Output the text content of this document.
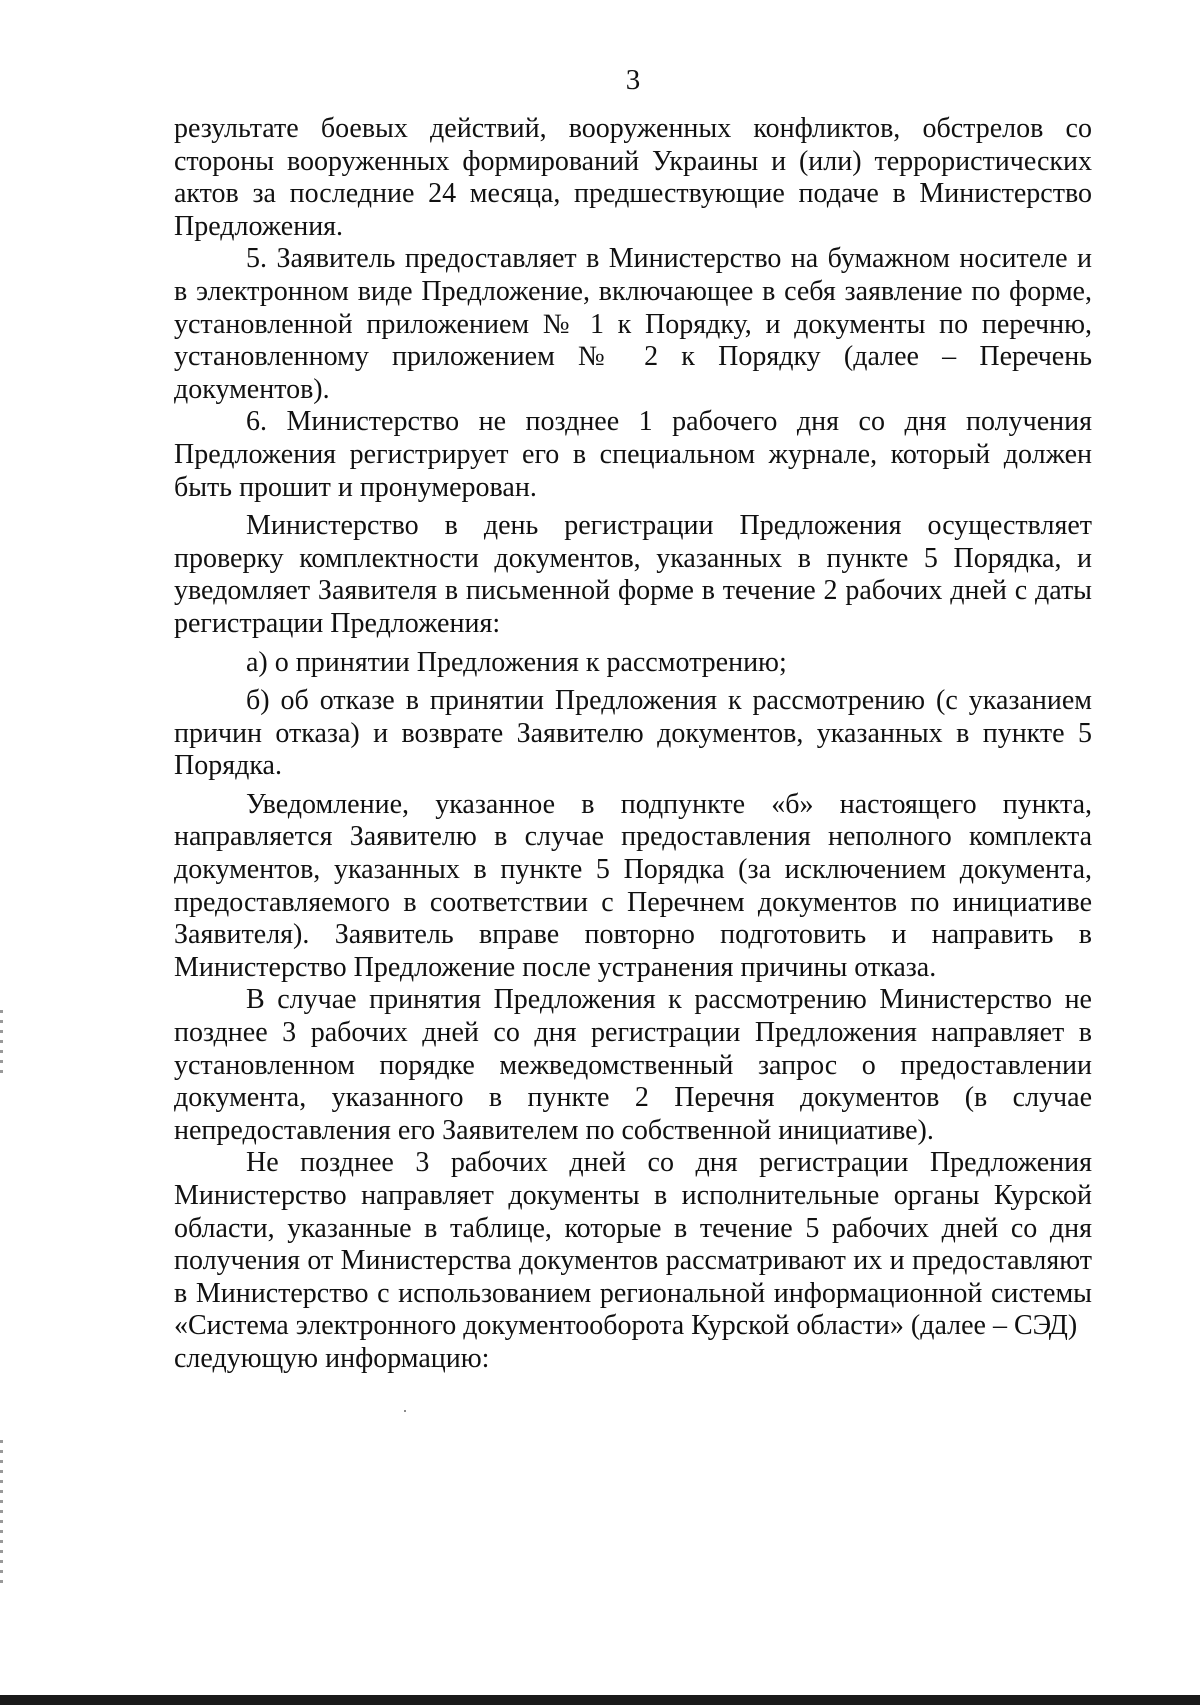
3

результате боевых действий, вооруженных конфликтов, обстрелов со стороны вооруженных формирований Украины и (или) террористических актов за последние 24 месяца, предшествующие подаче в Министерство Предложения.

5. Заявитель предоставляет в Министерство на бумажном носителе и в электронном виде Предложение, включающее в себя заявление по форме, установленной приложением № 1 к Порядку, и документы по перечню, установленному приложением № 2 к Порядку (далее – Перечень документов).

6. Министерство не позднее 1 рабочего дня со дня получения Предложения регистрирует его в специальном журнале, который должен быть прошит и пронумерован.

Министерство в день регистрации Предложения осуществляет проверку комплектности документов, указанных в пункте 5 Порядка, и уведомляет Заявителя в письменной форме в течение 2 рабочих дней с даты регистрации Предложения:

а) о принятии Предложения к рассмотрению;

б) об отказе в принятии Предложения к рассмотрению (с указанием причин отказа) и возврате Заявителю документов, указанных в пункте 5 Порядка.

Уведомление, указанное в подпункте «б» настоящего пункта, направляется Заявителю в случае предоставления неполного комплекта документов, указанных в пункте 5 Порядка (за исключением документа, предоставляемого в соответствии с Перечнем документов по инициативе Заявителя). Заявитель вправе повторно подготовить и направить в Министерство Предложение после устранения причины отказа.

В случае принятия Предложения к рассмотрению Министерство не позднее 3 рабочих дней со дня регистрации Предложения направляет в установленном порядке межведомственный запрос о предоставлении документа, указанного в пункте 2 Перечня документов (в случае непредоставления его Заявителем по собственной инициативе).

Не позднее 3 рабочих дней со дня регистрации Предложения Министерство направляет документы в исполнительные органы Курской области, указанные в таблице, которые в течение 5 рабочих дней со дня получения от Министерства документов рассматривают их и предоставляют в Министерство с использованием региональной информационной системы «Система электронного документооборота Курской области» (далее – СЭД)

следующую информацию:
